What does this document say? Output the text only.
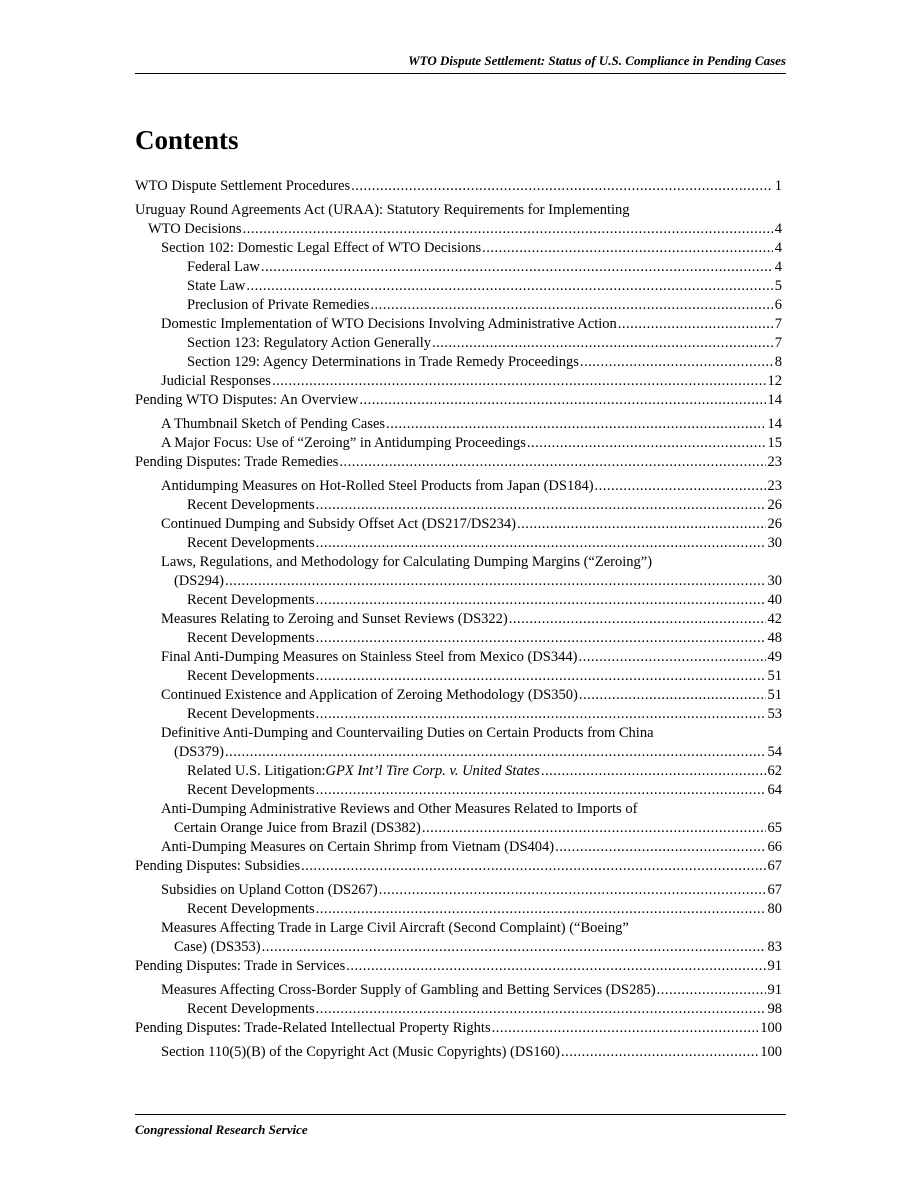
WTO Dispute Settlement: Status of U.S. Compliance in Pending Cases
Contents
WTO Dispute Settlement Procedures .....	1
Uruguay Round Agreements Act (URAA): Statutory Requirements for Implementing
WTO Decisions .....	4
Section 102: Domestic Legal Effect of WTO Decisions .....	4
Federal Law .....	4
State Law .....	5
Preclusion of Private Remedies .....	6
Domestic Implementation of WTO Decisions Involving Administrative Action .....	7
Section 123: Regulatory Action Generally .....	7
Section 129: Agency Determinations in Trade Remedy Proceedings .....	8
Judicial Responses .....	12
Pending WTO Disputes: An Overview .....	14
A Thumbnail Sketch of Pending Cases .....	14
A Major Focus: Use of “Zeroing” in Antidumping Proceedings .....	15
Pending Disputes: Trade Remedies .....	23
Antidumping Measures on Hot-Rolled Steel Products from Japan (DS184) .....	23
Recent Developments .....	26
Continued Dumping and Subsidy Offset Act (DS217/DS234) .....	26
Recent Developments .....	30
Laws, Regulations, and Methodology for Calculating Dumping Margins (“Zeroing”)
(DS294) .....	30
Recent Developments .....	40
Measures Relating to Zeroing and Sunset Reviews (DS322) .....	42
Recent Developments .....	48
Final Anti-Dumping Measures on Stainless Steel from Mexico (DS344) .....	49
Recent Developments .....	51
Continued Existence and Application of Zeroing Methodology (DS350) .....	51
Recent Developments .....	53
Definitive Anti-Dumping and Countervailing Duties on Certain Products from China
(DS379) .....	54
Related U.S. Litigation: GPX Int’l Tire Corp. v. United States .....	62
Recent Developments .....	64
Anti-Dumping Administrative Reviews and Other Measures Related to Imports of
Certain Orange Juice from Brazil (DS382) .....	65
Anti-Dumping Measures on Certain Shrimp from Vietnam (DS404) .....	66
Pending Disputes: Subsidies .....	67
Subsidies on Upland Cotton (DS267) .....	67
Recent Developments .....	80
Measures Affecting Trade in Large Civil Aircraft (Second Complaint) (“Boeing”
Case) (DS353) .....	83
Pending Disputes: Trade in Services .....	91
Measures Affecting Cross-Border Supply of Gambling and Betting Services (DS285) .....	91
Recent Developments .....	98
Pending Disputes: Trade-Related Intellectual Property Rights .....	100
Section 110(5)(B) of the Copyright Act (Music Copyrights) (DS160) .....	100
Congressional Research Service
